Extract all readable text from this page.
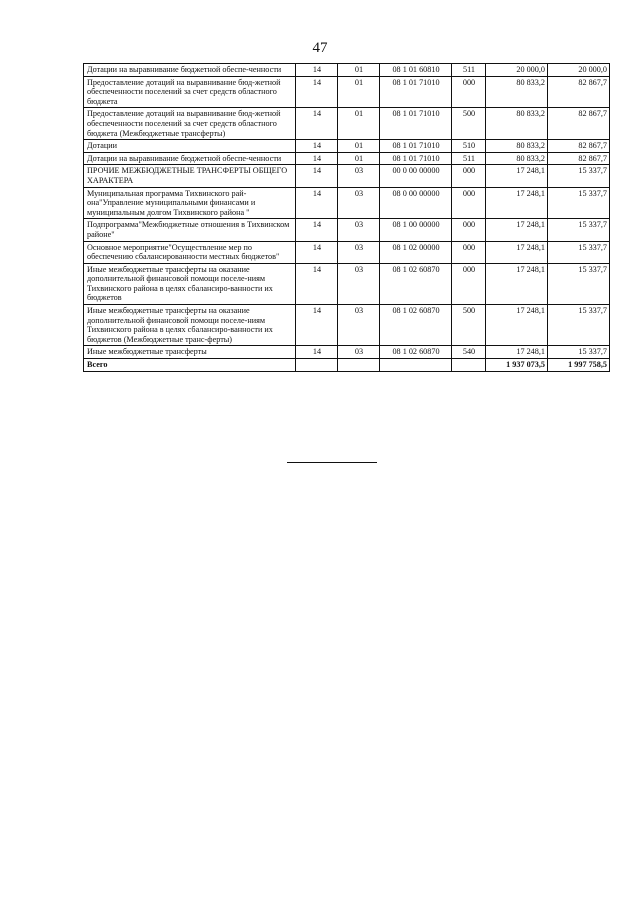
47
Дотации на выравнивание бюджетной обеспе-ченности	14	01	08 1 01 60810	511	20 000,0	20 000,0
Предоставление дотаций на выравнивание бюд-жетной обеспеченности поселений за счет средств областного бюджета	14	01	08 1 01 71010	000	80 833,2	82 867,7
Предоставление дотаций на выравнивание бюд-жетной обеспеченности поселений за счет средств областного бюджета (Межбюджетные трансферты)	14	01	08 1 01 71010	500	80 833,2	82 867,7
Дотации	14	01	08 1 01 71010	510	80 833,2	82 867,7
Дотации на выравнивание бюджетной обеспе-ченности	14	01	08 1 01 71010	511	80 833,2	82 867,7
ПРОЧИЕ МЕЖБЮДЖЕТНЫЕ ТРАНСФЕРТЫ ОБЩЕГО ХАРАКТЕРА	14	03	00 0 00 00000	000	17 248,1	15 337,7
Муниципальная программа Тихвинского рай-она"Управление муниципальными финансами и муниципальным долгом Тихвинского района "	14	03	08 0 00 00000	000	17 248,1	15 337,7
Подпрограмма"Межбюджетные отношения в Тихвинском районе"	14	03	08 1 00 00000	000	17 248,1	15 337,7
Основное мероприятие"Осуществление мер по обеспечению сбалансированности местных бюджетов"	14	03	08 1 02 00000	000	17 248,1	15 337,7
Иные межбюджетные трансферты на оказание дополнительной финансовой помощи поселе-ниям Тихвинского района в целях сбалансиро-ванности их бюджетов	14	03	08 1 02 60870	000	17 248,1	15 337,7
Иные межбюджетные трансферты на оказание дополнительной финансовой помощи поселе-ниям Тихвинского района в целях сбалансиро-ванности их бюджетов (Межбюджетные транс-ферты)	14	03	08 1 02 60870	500	17 248,1	15 337,7
Иные межбюджетные трансферты	14	03	08 1 02 60870	540	17 248,1	15 337,7
Всего					1 937 073,5	1 997 758,5
